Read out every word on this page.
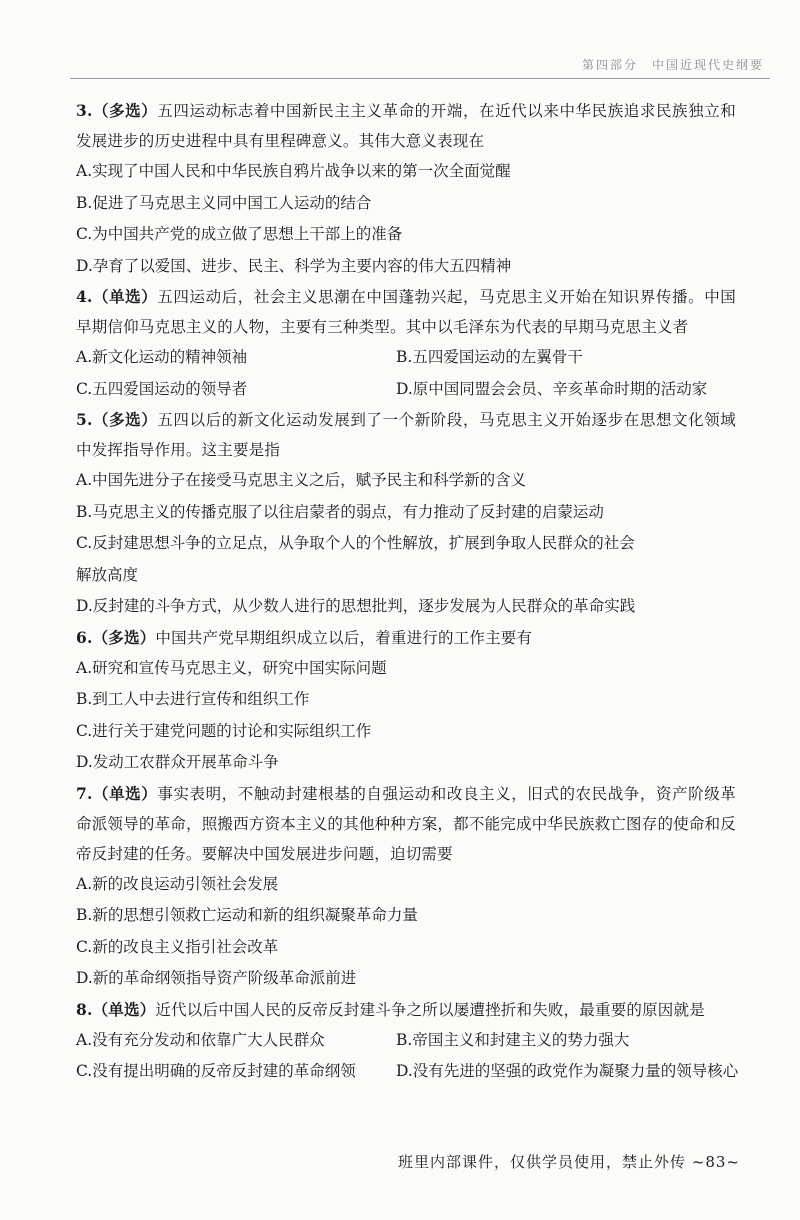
第四部分　中国近现代史纲要

3.（多选）五四运动标志着中国新民主主义革命的开端，在近代以来中华民族追求民族独立和发展进步的历史进程中具有里程碑意义。其伟大意义表现在

A.实现了中国人民和中华民族自鸦片战争以来的第一次全面觉醒

B.促进了马克思主义同中国工人运动的结合

C.为中国共产党的成立做了思想上干部上的准备

D.孕育了以爱国、进步、民主、科学为主要内容的伟大五四精神

4.（单选）五四运动后，社会主义思潮在中国蓬勃兴起，马克思主义开始在知识界传播。中国早期信仰马克思主义的人物，主要有三种类型。其中以毛泽东为代表的早期马克思主义者

A.新文化运动的精神领袖	B.五四爱国运动的左翼骨干

C.五四爱国运动的领导者	D.原中国同盟会会员、辛亥革命时期的活动家

5.（多选）五四以后的新文化运动发展到了一个新阶段，马克思主义开始逐步在思想文化领域中发挥指导作用。这主要是指

A.中国先进分子在接受马克思主义之后，赋予民主和科学新的含义

B.马克思主义的传播克服了以往启蒙者的弱点，有力推动了反封建的启蒙运动

C.反封建思想斗争的立足点，从争取个人的个性解放，扩展到争取人民群众的社会解放高度

D.反封建的斗争方式，从少数人进行的思想批判，逐步发展为人民群众的革命实践

6.（多选）中国共产党早期组织成立以后，着重进行的工作主要有

A.研究和宣传马克思主义，研究中国实际问题

B.到工人中去进行宣传和组织工作

C.进行关于建党问题的讨论和实际组织工作

D.发动工农群众开展革命斗争

7.（单选）事实表明，不触动封建根基的自强运动和改良主义，旧式的农民战争，资产阶级革命派领导的革命，照搬西方资本主义的其他种种方案，都不能完成中华民族救亡图存的使命和反帝反封建的任务。要解决中国发展进步问题，迫切需要

A.新的改良运动引领社会发展

B.新的思想引领救亡运动和新的组织凝聚革命力量

C.新的改良主义指引社会改革

D.新的革命纲领指导资产阶级革命派前进

8.（单选）近代以后中国人民的反帝反封建斗争之所以屡遭挫折和失败，最重要的原因就是

A.没有充分发动和依靠广大人民群众	B.帝国主义和封建主义的势力强大

C.没有提出明确的反帝反封建的革命纲领	D.没有先进的坚强的政党作为凝聚力量的领导核心

班里内部课件，仅供学员使用，禁止外传 ~83~
